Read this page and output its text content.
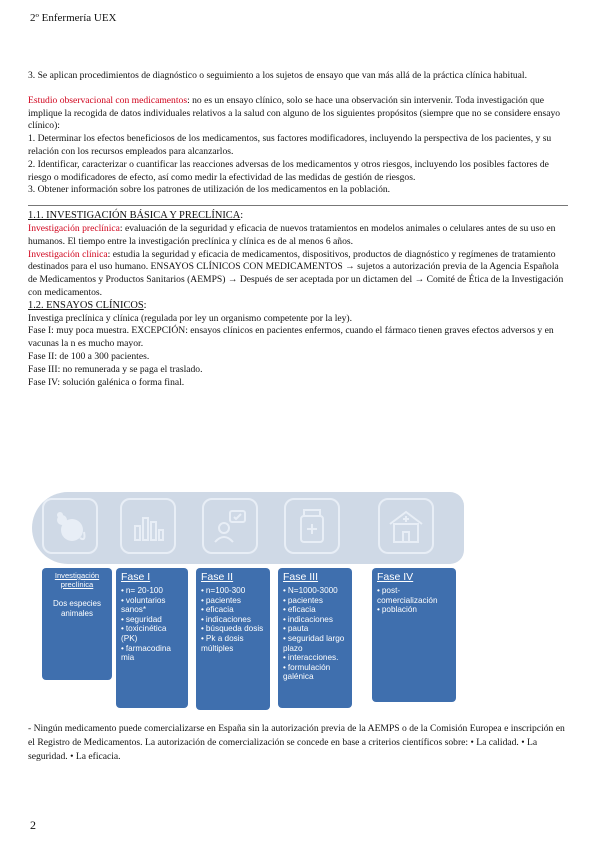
2º Enfermería UEX

3. Se aplican procedimientos de diagnóstico o seguimiento a los sujetos de ensayo que van más allá de la práctica clínica habitual.

Estudio observacional con medicamentos: no es un ensayo clínico, solo se hace una observación sin intervenir. Toda investigación que implique la recogida de datos individuales relativos a la salud con alguno de los siguientes propósitos (siempre que no se considere ensayo clínico):

1. Determinar los efectos beneficiosos de los medicamentos, sus factores modificadores, incluyendo la perspectiva de los pacientes, y su relación con los recursos empleados para alcanzarlos.

2. Identificar, caracterizar o cuantificar las reacciones adversas de los medicamentos y otros riesgos, incluyendo los posibles factores de riesgo o modificadores de efecto, así como medir la efectividad de las medidas de gestión de riesgos.

3. Obtener información sobre los patrones de utilización de los medicamentos en la población.

1.1. INVESTIGACIÓN BÁSICA Y PRECLÍNICA:

Investigación preclínica: evaluación de la seguridad y eficacia de nuevos tratamientos en modelos animales o celulares antes de su uso en humanos. El tiempo entre la investigación preclínica y clínica es de al menos 6 años.

Investigación clínica: estudia la seguridad y eficacia de medicamentos, dispositivos, productos de diagnóstico y regímenes de tratamiento destinados para el uso humano. ENSAYOS CLÍNICOS CON MEDICAMENTOS → sujetos a autorización previa de la Agencia Española de Medicamentos y Productos Sanitarios (AEMPS) → Después de ser aceptada por un dictamen del → Comité de Ética de la Investigación con medicamentos.

1.2. ENSAYOS CLÍNICOS:

Investiga preclínica y clínica (regulada por ley un organismo competente por la ley).

Fase I: muy poca muestra. EXCEPCIÓN: ensayos clínicos en pacientes enfermos, cuando el fármaco tienen graves efectos adversos y en vacunas la n es mucho mayor.

Fase II: de 100 a 300 pacientes.

Fase III: no remunerada y se paga el traslado.

Fase IV: solución galénica o forma final.

Investigación preclínica
Dos especies animales
Fase I
• n= 20-100
• voluntarios sanos*
• seguridad
• toxicinética (PK)
• farmacodina mia
Fase II
• n=100-300
• pacientes
• eficacia
• indicaciones
• búsqueda dosis
• Pk a dosis múltiples
Fase III
• N=1000-3000
• pacientes
• eficacia
• indicaciones
• pauta
• seguridad largo plazo
• interacciones.
• formulación galénica
Fase IV
• post-comercialización
• población

- Ningún medicamento puede comercializarse en España sin la autorización previa de la AEMPS o de la Comisión Europea e inscripción en el Registro de Medicamentos. La autorización de comercialización se concede en base a criterios científicos sobre: • La calidad. • La seguridad. • La eficacia.

2
